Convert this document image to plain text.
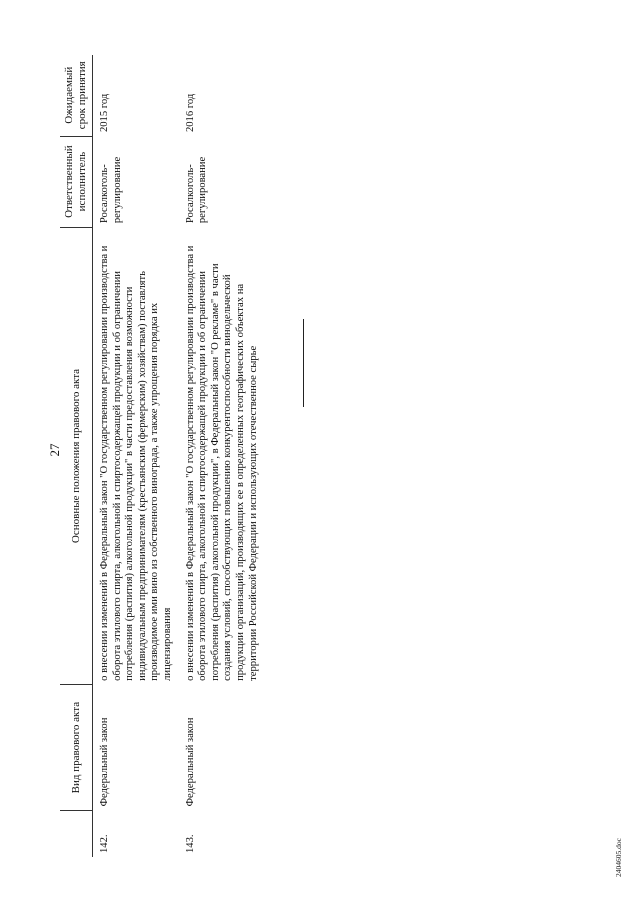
27
	Вид правового акта	Основные положения правового акта	Ответственный исполнитель	Ожидаемый срок принятия
142.	Федеральный закон	о внесении изменений в Федеральный закон "О государственном регулировании производства и оборота этилового спирта, алкогольной и спиртосодержащей продукции и об ограничении потребления (распития) алкогольной продукции" в части предоставления возможности индивидуальным предпринимателям (крестьянским (фермерским) хозяйствам) поставлять производимое ими вино из собственного винограда, а также упрощения порядка их лицензирования	Росалкоголь-регулирование	2015 год
143.	Федеральный закон	о внесении изменений в Федеральный закон "О государственном регулировании производства и оборота этилового спирта, алкогольной и спиртосодержащей продукции и об ограничении потребления (распития) алкогольной продукции", в Федеральный закон "О рекламе" в части создания условий, способствующих повышению конкурентоспособности винодельческой продукции организаций, производящих ее в определенных географических объектах на территории Российской Федерации и использующих отечественное сырье	Росалкоголь-регулирование	2016 год
2404605.doc
